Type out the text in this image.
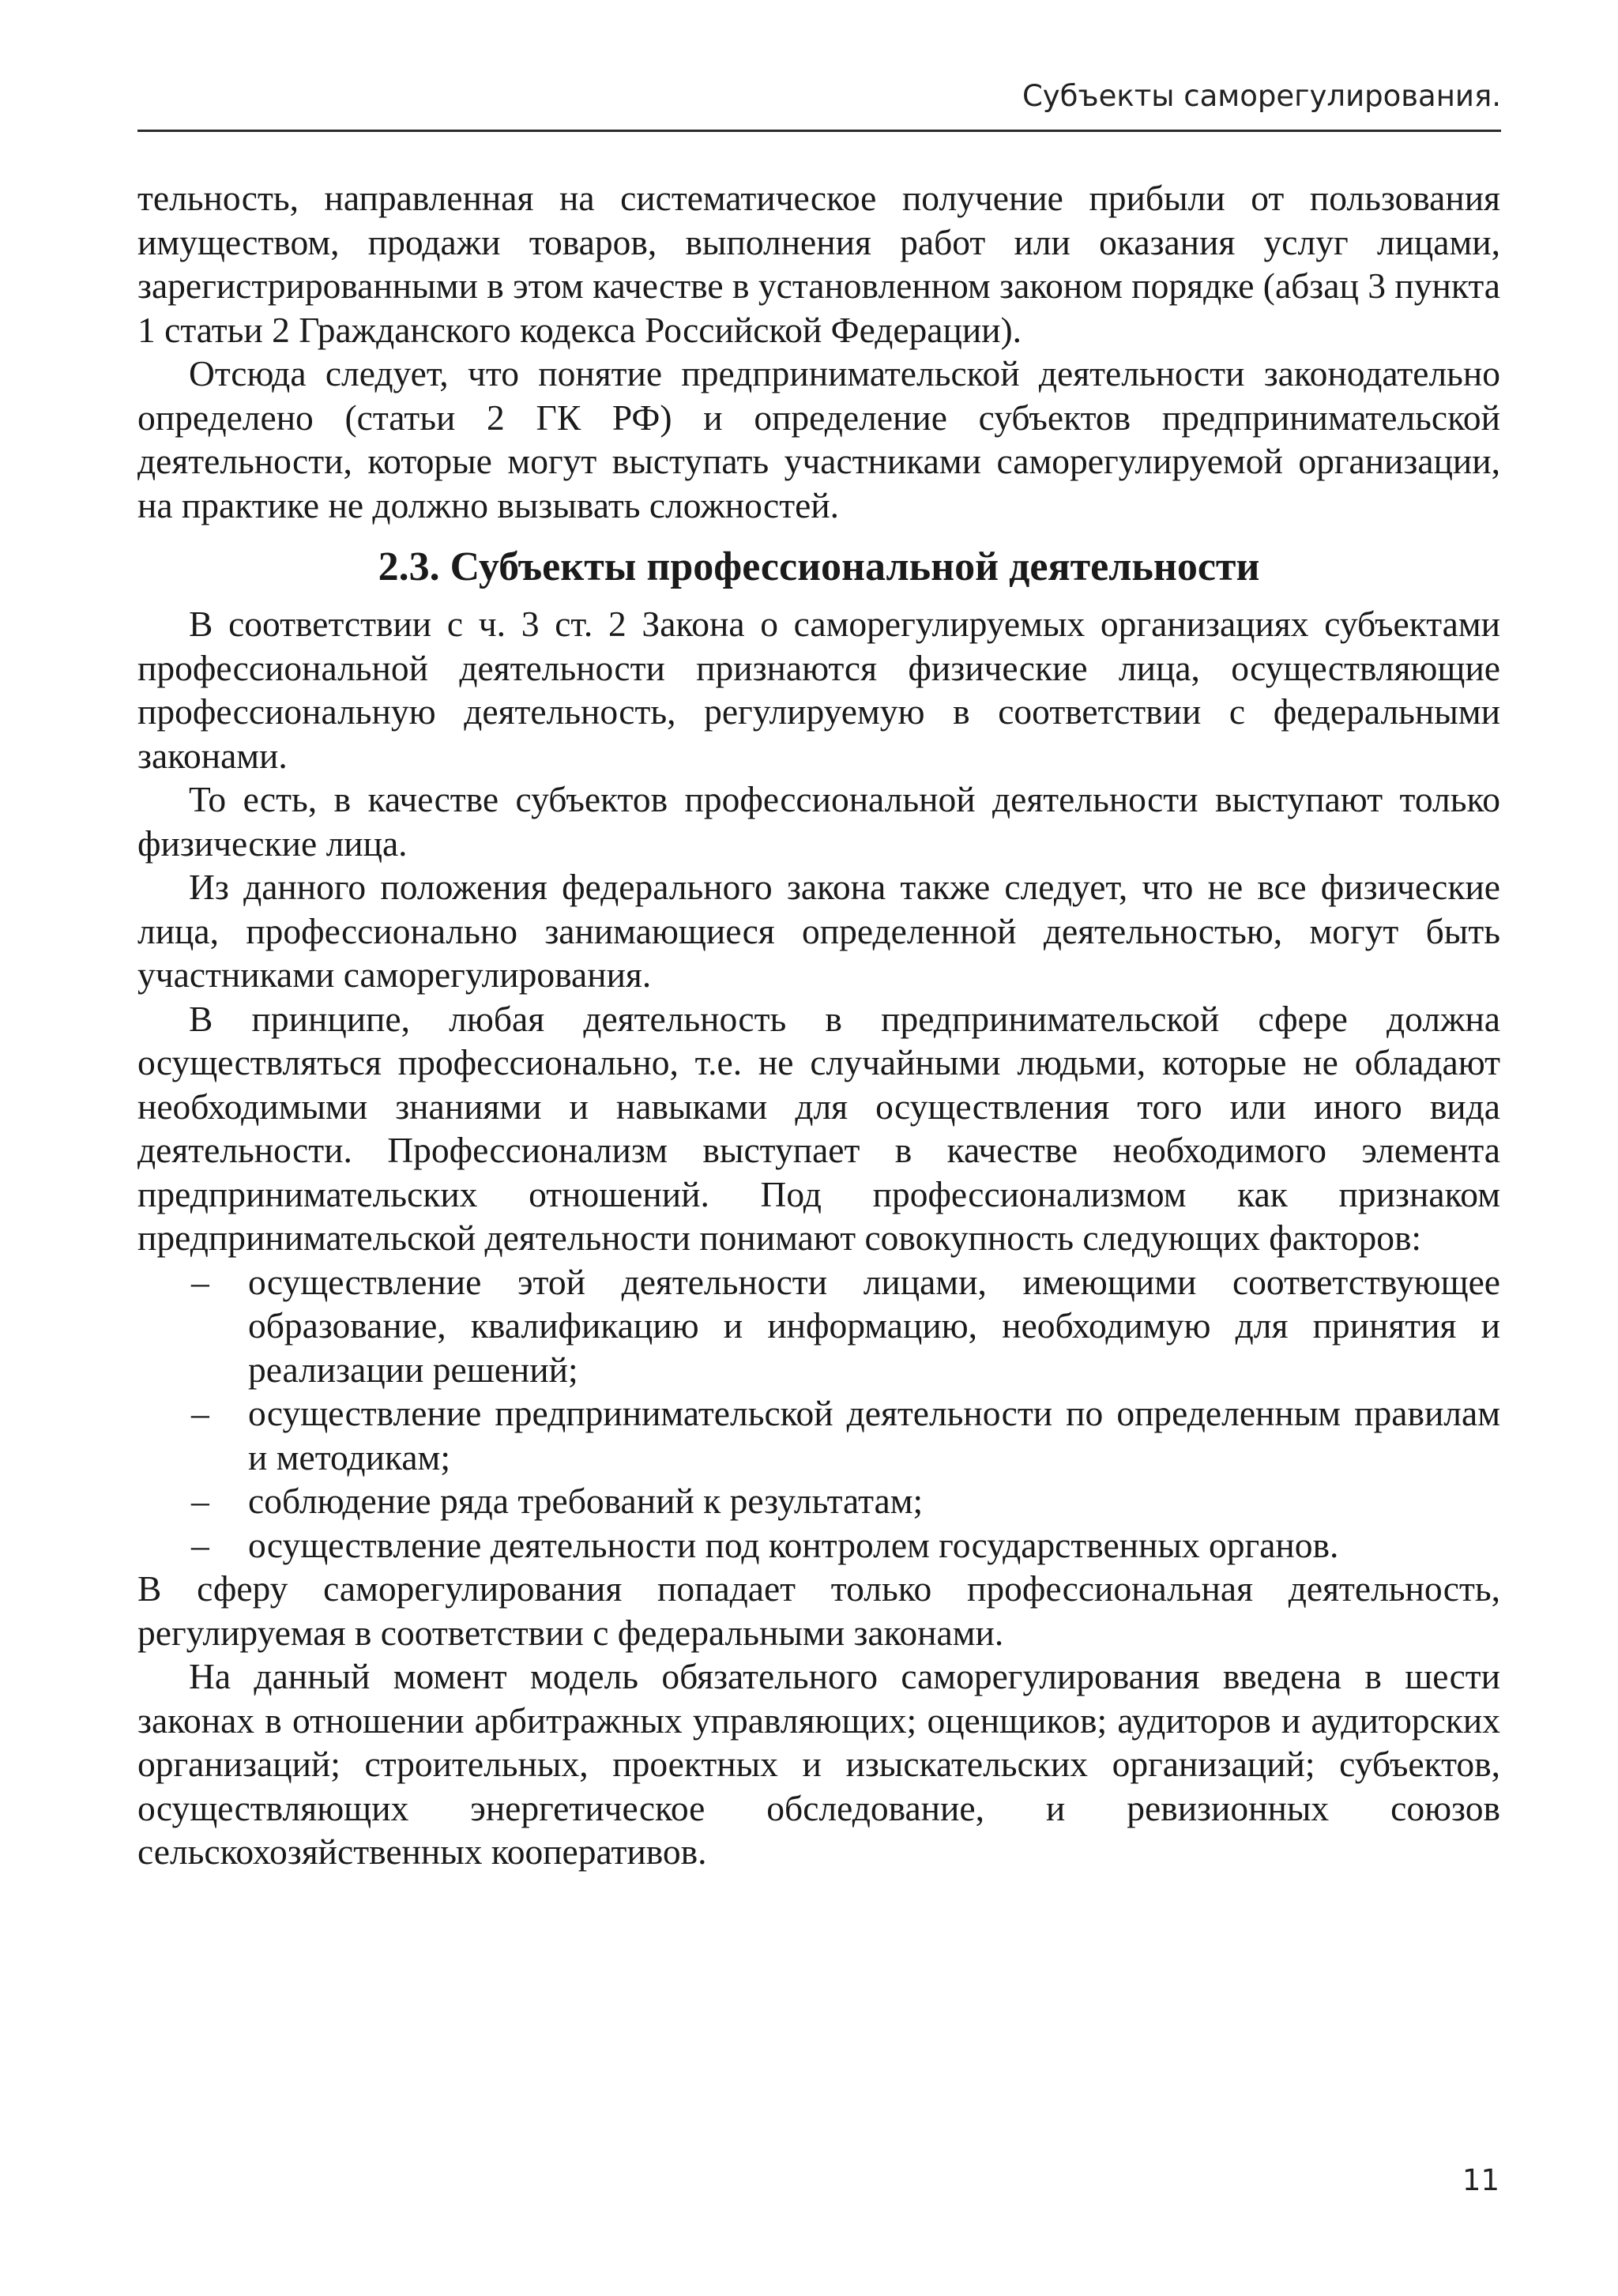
Субъекты саморегулирования.

тельность, направленная на систематическое получение прибыли от пользования имуществом, продажи товаров, выполнения работ или оказания услуг лицами, зарегистрированными в этом качестве в установленном законом порядке (абзац 3 пункта 1 статьи 2 Гражданского кодекса Российской Федерации).

Отсюда следует, что понятие предпринимательской деятельности законодательно определено (статьи 2 ГК РФ) и определение субъектов предпринимательской деятельности, которые могут выступать участниками саморегулируемой организации, на практике не должно вызывать сложностей.

2.3. Субъекты профессиональной деятельности

В соответствии с ч. 3 ст. 2 Закона о саморегулируемых организациях субъектами профессиональной деятельности признаются физические лица, осуществляющие профессиональную деятельность, регулируемую в соответствии с федеральными законами.

То есть, в качестве субъектов профессиональной деятельности выступают только физические лица.

Из данного положения федерального закона также следует, что не все физические лица, профессионально занимающиеся определенной деятельностью, могут быть участниками саморегулирования.

В принципе, любая деятельность в предпринимательской сфере должна осуществляться профессионально, т.е. не случайными людьми, которые не обладают необходимыми знаниями и навыками для осуществления того или иного вида деятельности. Профессионализм выступает в качестве необходимого элемента предпринимательских отношений. Под профессионализмом как признаком предпринимательской деятельности понимают совокупность следующих факторов:

– осуществление этой деятельности лицами, имеющими соответствующее образование, квалификацию и информацию, необходимую для принятия и реализации решений;
– осуществление предпринимательской деятельности по определенным правилам и методикам;
– соблюдение ряда требований к результатам;
– осуществление деятельности под контролем государственных органов.

В сферу саморегулирования попадает только профессиональная деятельность, регулируемая в соответствии с федеральными законами.

На данный момент модель обязательного саморегулирования введена в шести законах в отношении арбитражных управляющих; оценщиков; аудиторов и аудиторских организаций; строительных, проектных и изыскательских организаций; субъектов, осуществляющих энергетическое обследование, и ревизионных союзов сельскохозяйственных кооперативов.

11
